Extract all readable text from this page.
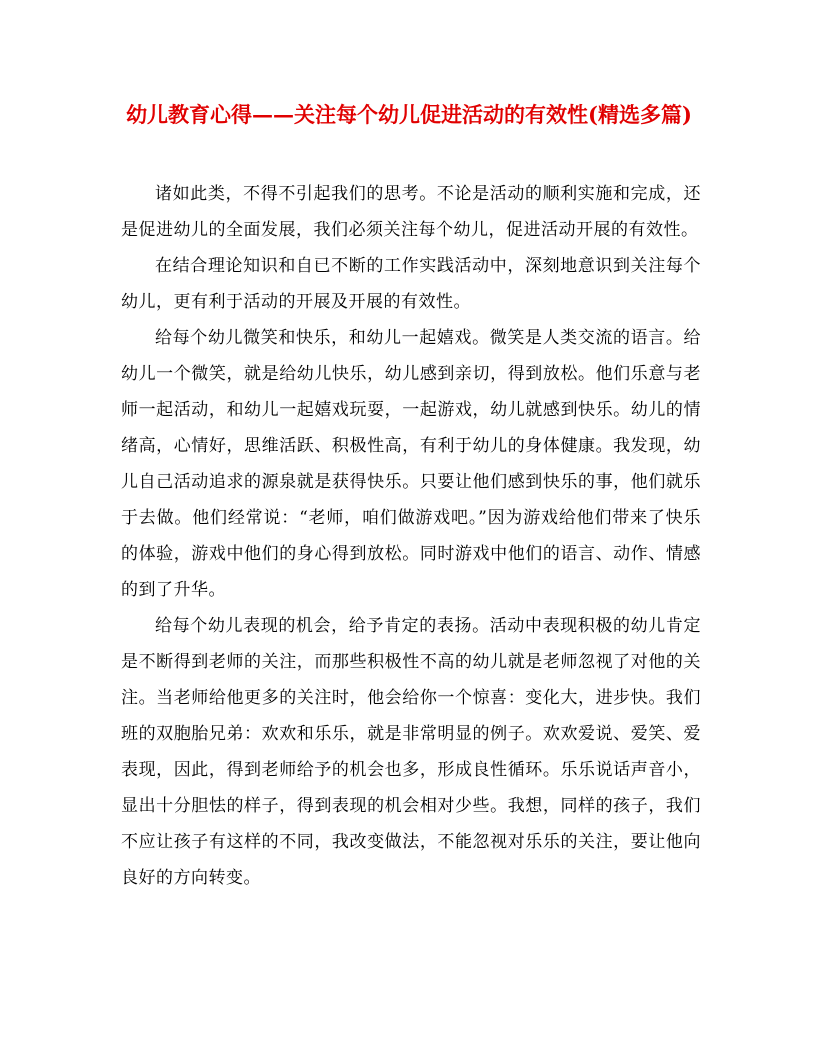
幼儿教育心得——关注每个幼儿促进活动的有效性(精选多篇)

诸如此类，不得不引起我们的思考。不论是活动的顺利实施和完成，还是促进幼儿的全面发展，我们必须关注每个幼儿，促进活动开展的有效性。

在结合理论知识和自已不断的工作实践活动中，深刻地意识到关注每个幼儿，更有利于活动的开展及开展的有效性。

给每个幼儿微笑和快乐，和幼儿一起嬉戏。微笑是人类交流的语言。给幼儿一个微笑，就是给幼儿快乐，幼儿感到亲切，得到放松。他们乐意与老师一起活动，和幼儿一起嬉戏玩耍，一起游戏，幼儿就感到快乐。幼儿的情绪高，心情好，思维活跃、积极性高，有利于幼儿的身体健康。我发现，幼儿自己活动追求的源泉就是获得快乐。只要让他们感到快乐的事，他们就乐于去做。他们经常说：“老师，咱们做游戏吧。”因为游戏给他们带来了快乐的体验，游戏中他们的身心得到放松。同时游戏中他们的语言、动作、情感的到了升华。

给每个幼儿表现的机会，给予肯定的表扬。活动中表现积极的幼儿肯定是不断得到老师的关注，而那些积极性不高的幼儿就是老师忽视了对他的关注。当老师给他更多的关注时，他会给你一个惊喜：变化大，进步快。我们班的双胞胎兄弟：欢欢和乐乐，就是非常明显的例子。欢欢爱说、爱笑、爱表现，因此，得到老师给予的机会也多，形成良性循环。乐乐说话声音小，显出十分胆怯的样子，得到表现的机会相对少些。我想，同样的孩子，我们不应让孩子有这样的不同，我改变做法，不能忽视对乐乐的关注，要让他向良好的方向转变。
